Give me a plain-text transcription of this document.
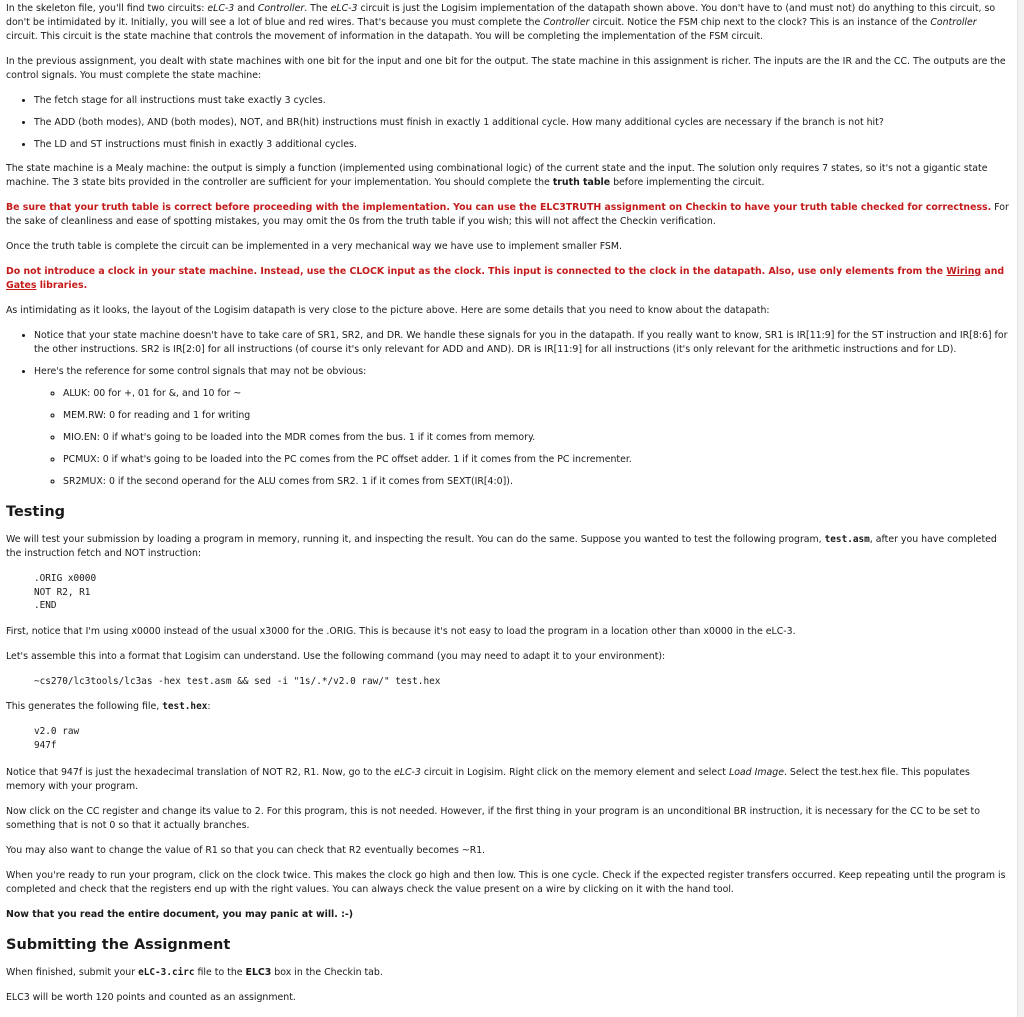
In the skeleton file, you'll find two circuits: eLC-3 and Controller. The eLC-3 circuit is just the Logisim implementation of the datapath shown above. You don't have to (and must not) do anything to this circuit, so don't be intimidated by it. Initially, you will see a lot of blue and red wires. That's because you must complete the Controller circuit. Notice the FSM chip next to the clock? This is an instance of the Controller circuit. This circuit is the state machine that controls the movement of information in the datapath. You will be completing the implementation of the FSM circuit.

In the previous assignment, you dealt with state machines with one bit for the input and one bit for the output. The state machine in this assignment is richer. The inputs are the IR and the CC. The outputs are the control signals. You must complete the state machine:

• The fetch stage for all instructions must take exactly 3 cycles.
• The ADD (both modes), AND (both modes), NOT, and BR(hit) instructions must finish in exactly 1 additional cycle. How many additional cycles are necessary if the branch is not hit?
• The LD and ST instructions must finish in exactly 3 additional cycles.

The state machine is a Mealy machine: the output is simply a function (implemented using combinational logic) of the current state and the input. The solution only requires 7 states, so it's not a gigantic state machine. The 3 state bits provided in the controller are sufficient for your implementation. You should complete the truth table before implementing the circuit.

Be sure that your truth table is correct before proceeding with the implementation. You can use the ELC3TRUTH assignment on Checkin to have your truth table checked for correctness. For the sake of cleanliness and ease of spotting mistakes, you may omit the 0s from the truth table if you wish; this will not affect the Checkin verification.

Once the truth table is complete the circuit can be implemented in a very mechanical way we have use to implement smaller FSM.

Do not introduce a clock in your state machine. Instead, use the CLOCK input as the clock. This input is connected to the clock in the datapath. Also, use only elements from the Wiring and Gates libraries.

As intimidating as it looks, the layout of the Logisim datapath is very close to the picture above. Here are some details that you need to know about the datapath:

• Notice that your state machine doesn't have to take care of SR1, SR2, and DR. We handle these signals for you in the datapath. If you really want to know, SR1 is IR[11:9] for the ST instruction and IR[8:6] for the other instructions. SR2 is IR[2:0] for all instructions (of course it's only relevant for ADD and AND). DR is IR[11:9] for all instructions (it's only relevant for the arithmetic instructions and for LD).
• Here's the reference for some control signals that may not be obvious:
◦ ALUK: 00 for +, 01 for &, and 10 for ~
◦ MEM.RW: 0 for reading and 1 for writing
◦ MIO.EN: 0 if what's going to be loaded into the MDR comes from the bus. 1 if it comes from memory.
◦ PCMUX: 0 if what's going to be loaded into the PC comes from the PC offset adder. 1 if it comes from the PC incrementer.
◦ SR2MUX: 0 if the second operand for the ALU comes from SR2. 1 if it comes from SEXT(IR[4:0]).
Testing

We will test your submission by loading a program in memory, running it, and inspecting the result. You can do the same. Suppose you wanted to test the following program, test.asm, after you have completed the instruction fetch and NOT instruction:

.ORIG x0000
NOT R2, R1
.END

First, notice that I'm using x0000 instead of the usual x3000 for the .ORIG. This is because it's not easy to load the program in a location other than x0000 in the eLC-3.

Let's assemble this into a format that Logisim can understand. Use the following command (you may need to adapt it to your environment):

~cs270/lc3tools/lc3as -hex test.asm && sed -i "1s/.*/v2.0 raw/" test.hex

This generates the following file, test.hex:

v2.0 raw
947f

Notice that 947f is just the hexadecimal translation of NOT R2, R1. Now, go to the eLC-3 circuit in Logisim. Right click on the memory element and select Load Image. Select the test.hex file. This populates memory with your program.

Now click on the CC register and change its value to 2. For this program, this is not needed. However, if the first thing in your program is an unconditional BR instruction, it is necessary for the CC to be set to something that is not 0 so that it actually branches.

You may also want to change the value of R1 so that you can check that R2 eventually becomes ~R1.

When you're ready to run your program, click on the clock twice. This makes the clock go high and then low. This is one cycle. Check if the expected register transfers occurred. Keep repeating until the program is completed and check that the registers end up with the right values. You can always check the value present on a wire by clicking on it with the hand tool.

Now that you read the entire document, you may panic at will. :-)

Submitting the Assignment

When finished, submit your eLC-3.circ file to the ELC3 box in the Checkin tab.

ELC3 will be worth 120 points and counted as an assignment.
